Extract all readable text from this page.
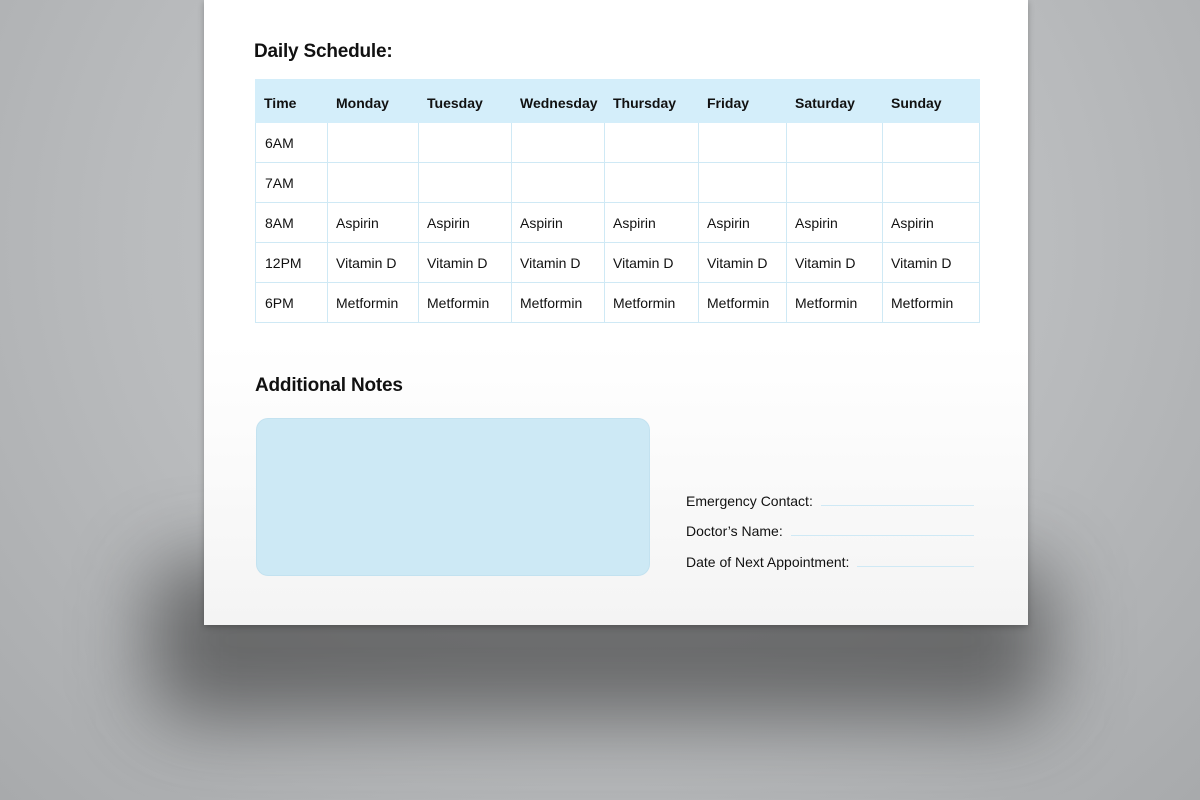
Daily Schedule:
Time	Monday	Tuesday	Wednesday	Thursday	Friday	Saturday	Sunday
6AM							
7AM							
8AM	Aspirin	Aspirin	Aspirin	Aspirin	Aspirin	Aspirin	Aspirin
12PM	Vitamin D	Vitamin D	Vitamin D	Vitamin D	Vitamin D	Vitamin D	Vitamin D
6PM	Metformin	Metformin	Metformin	Metformin	Metformin	Metformin	Metformin
Additional Notes
Emergency Contact:
Doctor’s Name:
Date of Next Appointment:
